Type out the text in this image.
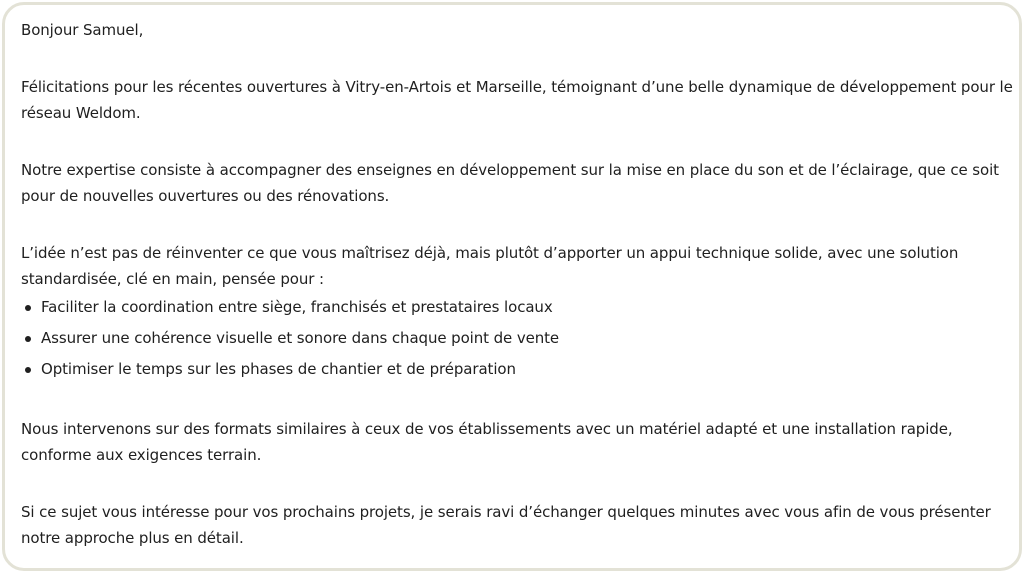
Bonjour Samuel,

Félicitations pour les récentes ouvertures à Vitry-en-Artois et Marseille, témoignant d’une belle dynamique de développement pour le réseau Weldom.

Notre expertise consiste à accompagner des enseignes en développement sur la mise en place du son et de l’éclairage, que ce soit pour de nouvelles ouvertures ou des rénovations.

L’idée n’est pas de réinventer ce que vous maîtrisez déjà, mais plutôt d’apporter un appui technique solide, avec une solution standardisée, clé en main, pensée pour :

Faciliter la coordination entre siège, franchisés et prestataires locaux
Assurer une cohérence visuelle et sonore dans chaque point de vente
Optimiser le temps sur les phases de chantier et de préparation

Nous intervenons sur des formats similaires à ceux de vos établissements avec un matériel adapté et une installation rapide, conforme aux exigences terrain.

Si ce sujet vous intéresse pour vos prochains projets, je serais ravi d’échanger quelques minutes avec vous afin de vous présenter notre approche plus en détail.
